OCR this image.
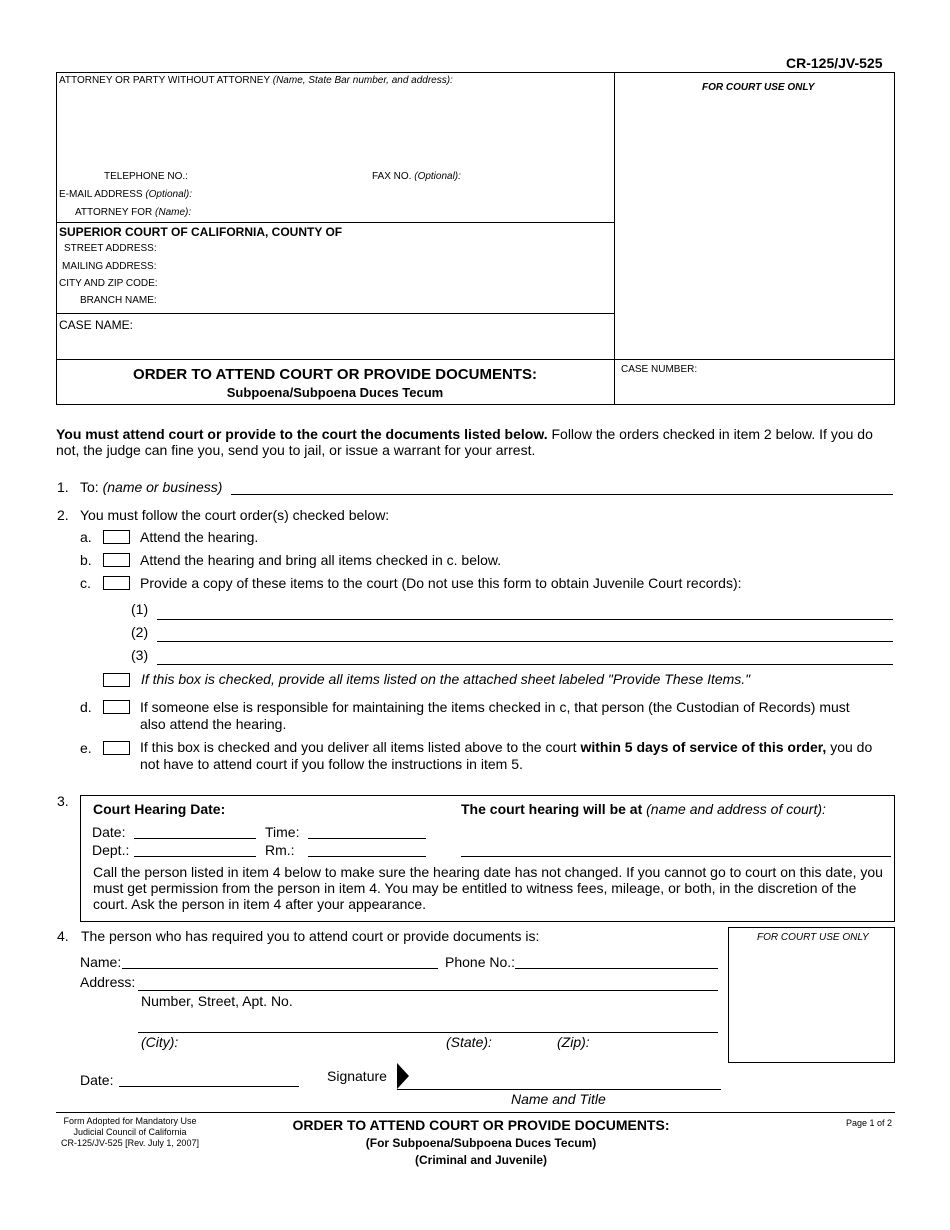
CR-125/JV-525
ATTORNEY OR PARTY WITHOUT ATTORNEY (Name, State Bar number, and address):
FOR COURT USE ONLY
TELEPHONE NO.:	FAX NO. (Optional):
E-MAIL ADDRESS (Optional):
ATTORNEY FOR (Name):
SUPERIOR COURT OF CALIFORNIA, COUNTY OF
STREET ADDRESS:
MAILING ADDRESS:
CITY AND ZIP CODE:
BRANCH NAME:
CASE NAME:
ORDER TO ATTEND COURT OR PROVIDE DOCUMENTS:
Subpoena/Subpoena Duces Tecum
CASE NUMBER:
You must attend court or provide to the court the documents listed below. Follow the orders checked in item 2 below. If you do
not, the judge can fine you, send you to jail, or issue a warrant for your arrest.
1. To: (name or business)
2. You must follow the court order(s) checked below:
a.	Attend the hearing.
b.	Attend the hearing and bring all items checked in c. below.
c.	Provide a copy of these items to the court (Do not use this form to obtain Juvenile Court records):
(1)
(2)
(3)
If this box is checked, provide all items listed on the attached sheet labeled "Provide These Items."
d.	If someone else is responsible for maintaining the items checked in c, that person (the Custodian of Records) must
also attend the hearing.
e.	If this box is checked and you deliver all items listed above to the court within 5 days of service of this order, you do
not have to attend court if you follow the instructions in item 5.
3. Court Hearing Date:	The court hearing will be at (name and address of court):
Date:	Time:
Dept.:	Rm.:
Call the person listed in item 4 below to make sure the hearing date has not changed. If you cannot go to court on this date, you
must get permission from the person in item 4. You may be entitled to witness fees, mileage, or both, in the discretion of the
court. Ask the person in item 4 after your appearance.
4. The person who has required you to attend court or provide documents is:	FOR COURT USE ONLY
Name:	Phone No.:
Address:
Number, Street, Apt. No.
(City):	(State):	(Zip):
Date:	Signature
Name and Title
Form Adopted for Mandatory Use
Judicial Council of California
CR-125/JV-525 [Rev. July 1, 2007]
ORDER TO ATTEND COURT OR PROVIDE DOCUMENTS:
(For Subpoena/Subpoena Duces Tecum)
(Criminal and Juvenile)
Page 1 of 2
